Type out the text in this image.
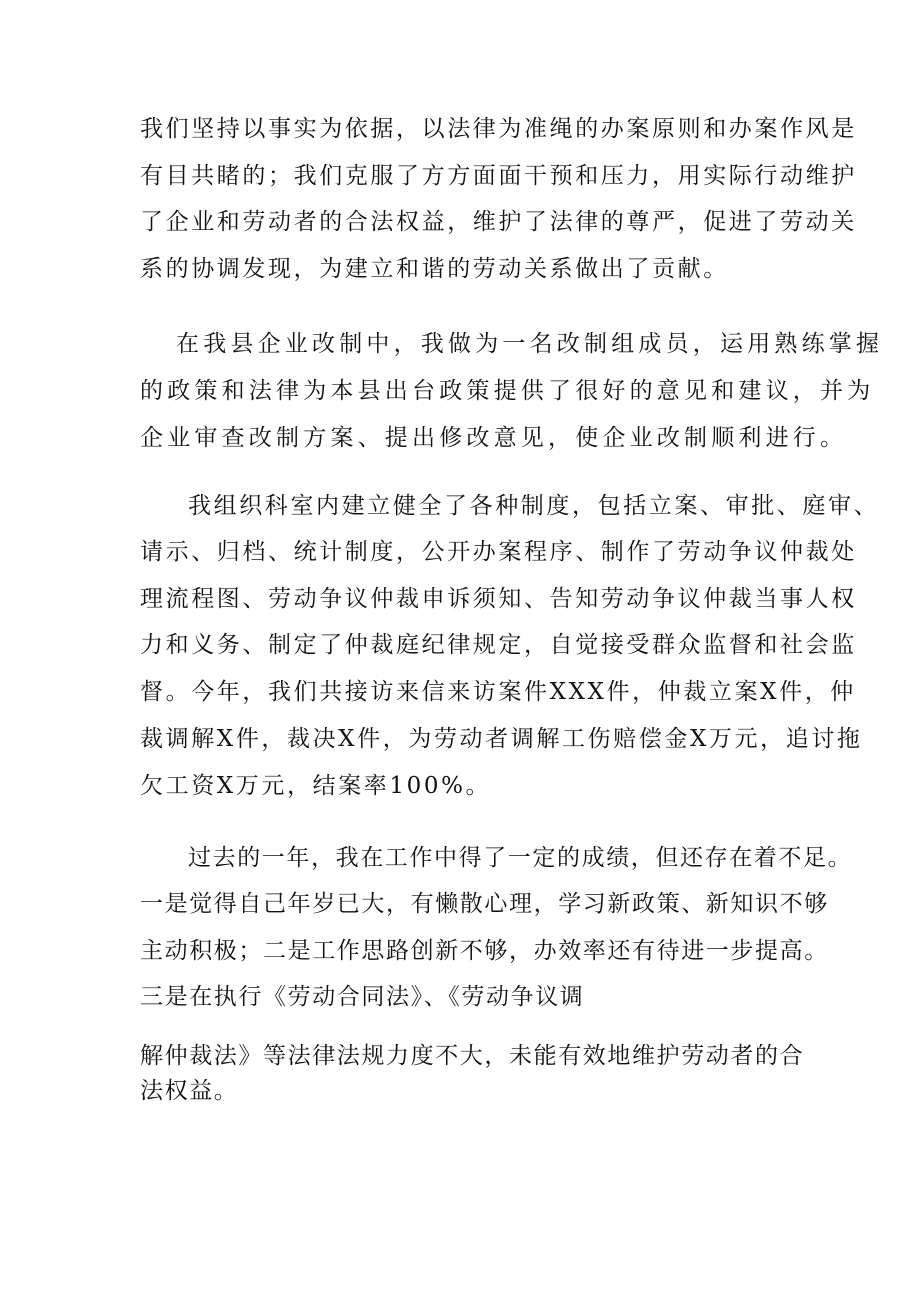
我们坚持以事实为依据，以法律为准绳的办案原则和办案作风是
有目共睹的；我们克服了方方面面干预和压力，用实际行动维护
了企业和劳动者的合法权益，维护了法律的尊严，促进了劳动关
系的协调发现，为建立和谐的劳动关系做出了贡献。
在我县企业改制中，我做为一名改制组成员，运用熟练掌握
的政策和法律为本县出台政策提供了很好的意见和建议，并为
企业审查改制方案、提出修改意见，使企业改制顺利进行。
我组织科室内建立健全了各种制度，包括立案、审批、庭审、
请示、归档、统计制度，公开办案程序、制作了劳动争议仲裁处
理流程图、劳动争议仲裁申诉须知、告知劳动争议仲裁当事人权
力和义务、制定了仲裁庭纪律规定，自觉接受群众监督和社会监
督。今年，我们共接访来信来访案件XXX件，仲裁立案X件，仲
裁调解X件，裁决X件，为劳动者调解工伤赔偿金X万元，追讨拖
欠工资X万元，结案率100%。
过去的一年，我在工作中得了一定的成绩，但还存在着不足。
一是觉得自己年岁已大，有懒散心理，学习新政策、新知识不够
主动积极；二是工作思路创新不够，办效率还有待进一步提高。
三是在执行《劳动合同法》、《劳动争议调
解仲裁法》等法律法规力度不大，未能有效地维护劳动者的合
法权益。
